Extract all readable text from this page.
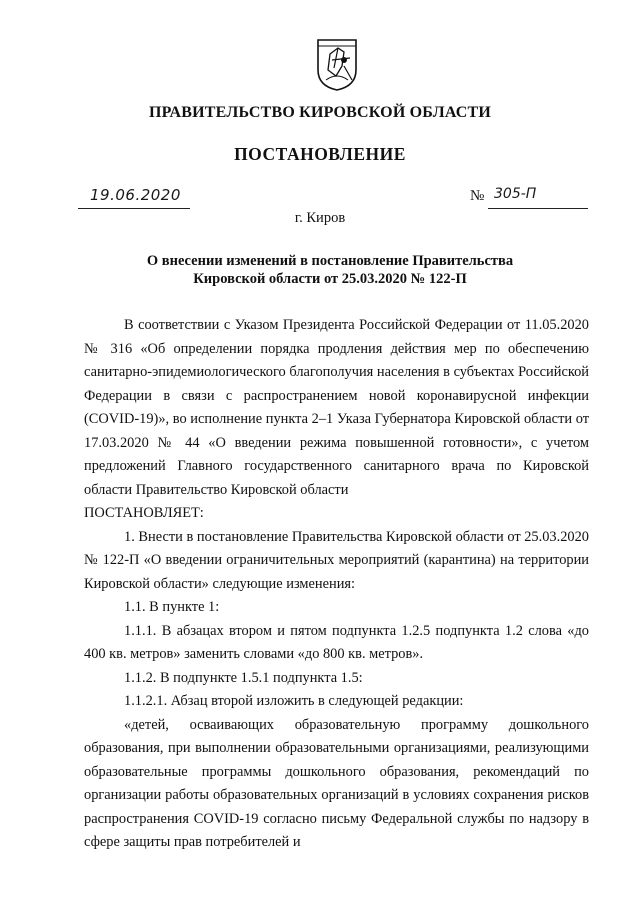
ПРАВИТЕЛЬСТВО КИРОВСКОЙ ОБЛАСТИ
ПОСТАНОВЛЕНИЕ
19.06.2020	№ 305-П
г. Киров
О внесении изменений в постановление Правительства
Кировской области от 25.03.2020 № 122-П

В соответствии с Указом Президента Российской Федерации от 11.05.2020 № 316 «Об определении порядка продления действия мер по обеспечению санитарно-эпидемиологического благополучия населения в субъектах Российской Федерации в связи с распространением новой коронавирусной инфекции (COVID-19)», во исполнение пункта 2–1 Указа Губернатора Кировской области от 17.03.2020 № 44 «О введении режима повышенной готовности», с учетом предложений Главного государственного санитарного врача по Кировской области Правительство Кировской области

ПОСТАНОВЛЯЕТ:

1. Внести в постановление Правительства Кировской области от 25.03.2020 № 122-П «О введении ограничительных мероприятий (карантина) на территории Кировской области» следующие изменения:

1.1. В пункте 1:

1.1.1. В абзацах втором и пятом подпункта 1.2.5 подпункта 1.2 слова «до 400 кв. метров» заменить словами «до 800 кв. метров».

1.1.2. В подпункте 1.5.1 подпункта 1.5:

1.1.2.1. Абзац второй изложить в следующей редакции:

«детей, осваивающих образовательную программу дошкольного образования, при выполнении образовательными организациями, реализующими образовательные программы дошкольного образования, рекомендаций по организации работы образовательных организаций в условиях сохранения рисков распространения COVID-19 согласно письму Федеральной службы по надзору в сфере защиты прав потребителей и
